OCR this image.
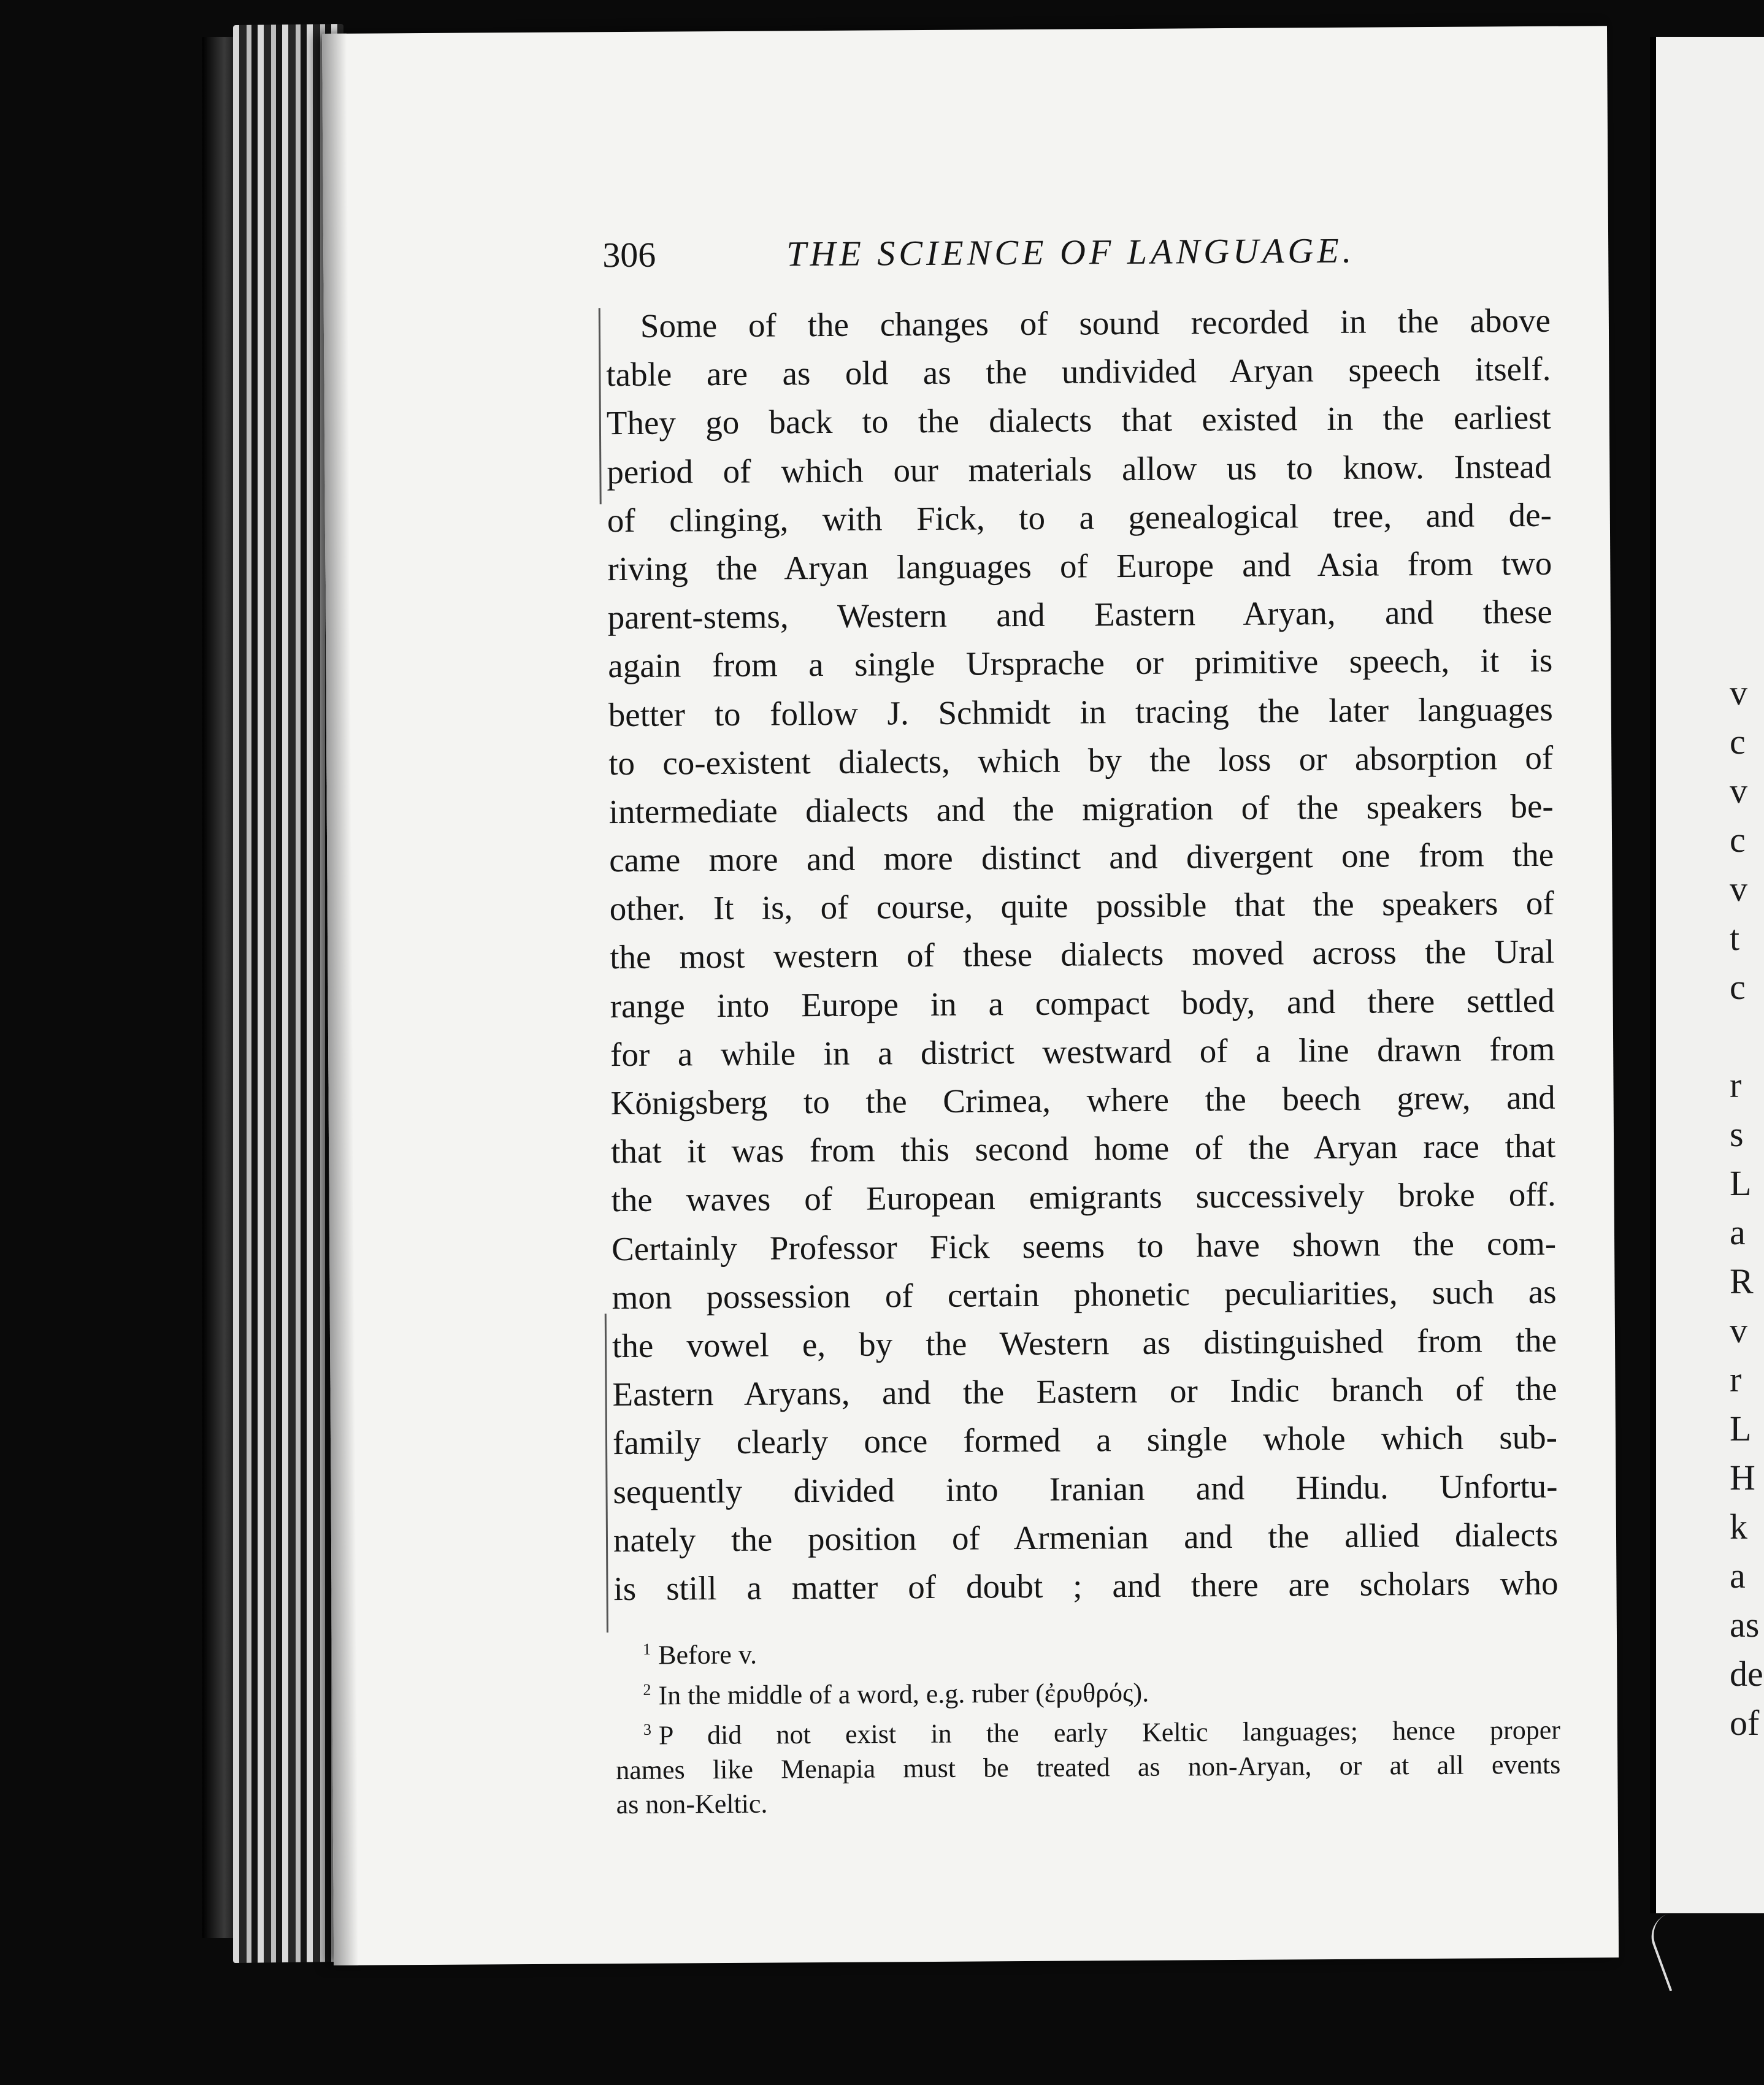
306	THE SCIENCE OF LANGUAGE.
Some of the changes of sound recorded in the above
table are as old as the undivided Aryan speech itself.
They go back to the dialects that existed in the earliest
period of which our materials allow us to know. Instead
of clinging, with Fick, to a genealogical tree, and de-
riving the Aryan languages of Europe and Asia from two
parent-stems, Western and Eastern Aryan, and these
again from a single Ursprache or primitive speech, it is
better to follow J. Schmidt in tracing the later languages
to co-existent dialects, which by the loss or absorption of
intermediate dialects and the migration of the speakers be-
came more and more distinct and divergent one from the
other. It is, of course, quite possible that the speakers of
the most western of these dialects moved across the Ural
range into Europe in a compact body, and there settled
for a while in a district westward of a line drawn from
Königsberg to the Crimea, where the beech grew, and
that it was from this second home of the Aryan race that
the waves of European emigrants successively broke off.
Certainly Professor Fick seems to have shown the com-
mon possession of certain phonetic peculiarities, such as
the vowel e, by the Western as distinguished from the
Eastern Aryans, and the Eastern or Indic branch of the
family clearly once formed a single whole which sub-
sequently divided into Iranian and Hindu. Unfortu-
nately the position of Armenian and the allied dialects
is still a matter of doubt ; and there are scholars who
$^1$ Before v.
$^2$ In the middle of a word, e.g. ruber (ἐρυθρός).
$^3$ P did not exist in the early Keltic languages; hence proper
names like Menapia must be treated as non-Aryan, or at all events
as non-Keltic.
v
c
v
c
v
t
c
r
s
L
a
R
v
r
L
H
k
a
as
de
of
